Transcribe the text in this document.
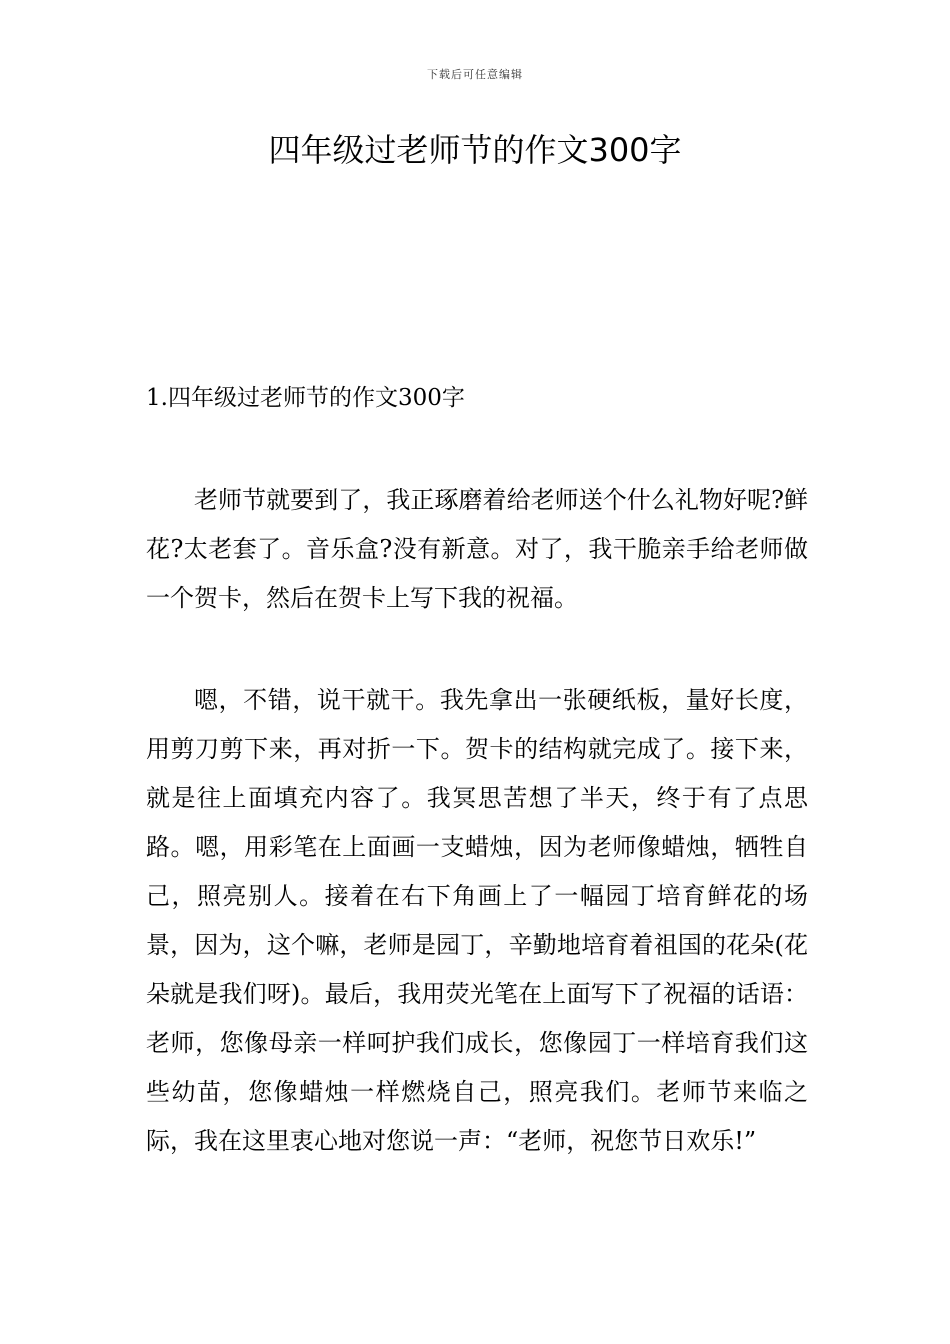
下载后可任意编辑
四年级过老师节的作文300字
1.四年级过老师节的作文300字

老师节就要到了，我正琢磨着给老师送个什么礼物好呢?鲜花?太老套了。音乐盒?没有新意。对了，我干脆亲手给老师做一个贺卡，然后在贺卡上写下我的祝福。

嗯，不错，说干就干。我先拿出一张硬纸板，量好长度，用剪刀剪下来，再对折一下。贺卡的结构就完成了。接下来，就是往上面填充内容了。我冥思苦想了半天，终于有了点思路。嗯，用彩笔在上面画一支蜡烛，因为老师像蜡烛，牺牲自己，照亮别人。接着在右下角画上了一幅园丁培育鲜花的场景，因为，这个嘛，老师是园丁，辛勤地培育着祖国的花朵(花朵就是我们呀)。最后，我用荧光笔在上面写下了祝福的话语：老师，您像母亲一样呵护我们成长，您像园丁一样培育我们这些幼苗，您像蜡烛一样燃烧自己，照亮我们。老师节来临之际，我在这里衷心地对您说一声：“老师，祝您节日欢乐!”
